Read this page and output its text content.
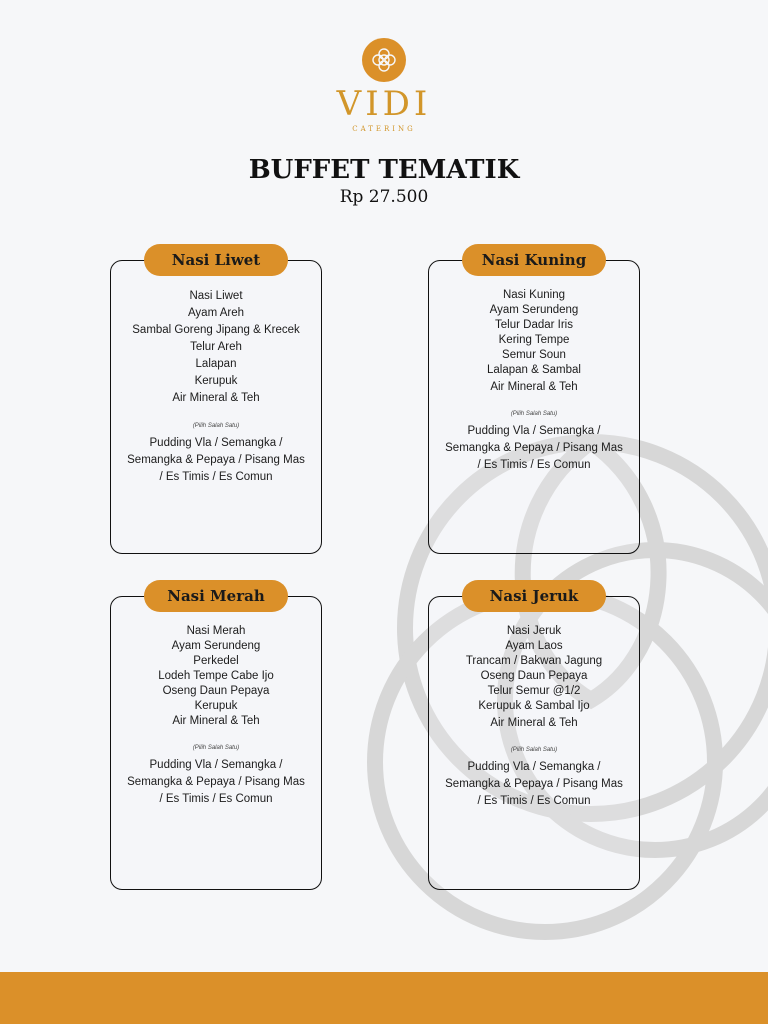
VIDI
CATERING
BUFFET TEMATIK
Rp 27.500
Nasi Liwet
Nasi Liwet
Ayam Areh
Sambal Goreng Jipang & Krecek
Telur Areh
Lalapan
Kerupuk
Air Mineral & Teh
(Pilih Salah Satu)
Pudding Vla / Semangka /
Semangka & Pepaya / Pisang Mas
/ Es Timis / Es Comun
Nasi Kuning
Nasi Kuning
Ayam Serundeng
Telur Dadar Iris
Kering Tempe
Semur Soun
Lalapan & Sambal
Air Mineral & Teh
(Pilih Salah Satu)
Pudding Vla / Semangka /
Semangka & Pepaya / Pisang Mas
/ Es Timis / Es Comun
Nasi Merah
Nasi Merah
Ayam Serundeng
Perkedel
Lodeh Tempe Cabe Ijo
Oseng Daun Pepaya
Kerupuk
Air Mineral & Teh
(Pilih Salah Satu)
Pudding Vla / Semangka /
Semangka & Pepaya / Pisang Mas
/ Es Timis / Es Comun
Nasi Jeruk
Nasi Jeruk
Ayam Laos
Trancam / Bakwan Jagung
Oseng Daun Pepaya
Telur Semur @1/2
Kerupuk & Sambal Ijo
Air Mineral & Teh
(Pilih Salah Satu)
Pudding Vla / Semangka /
Semangka & Pepaya / Pisang Mas
/ Es Timis / Es Comun
